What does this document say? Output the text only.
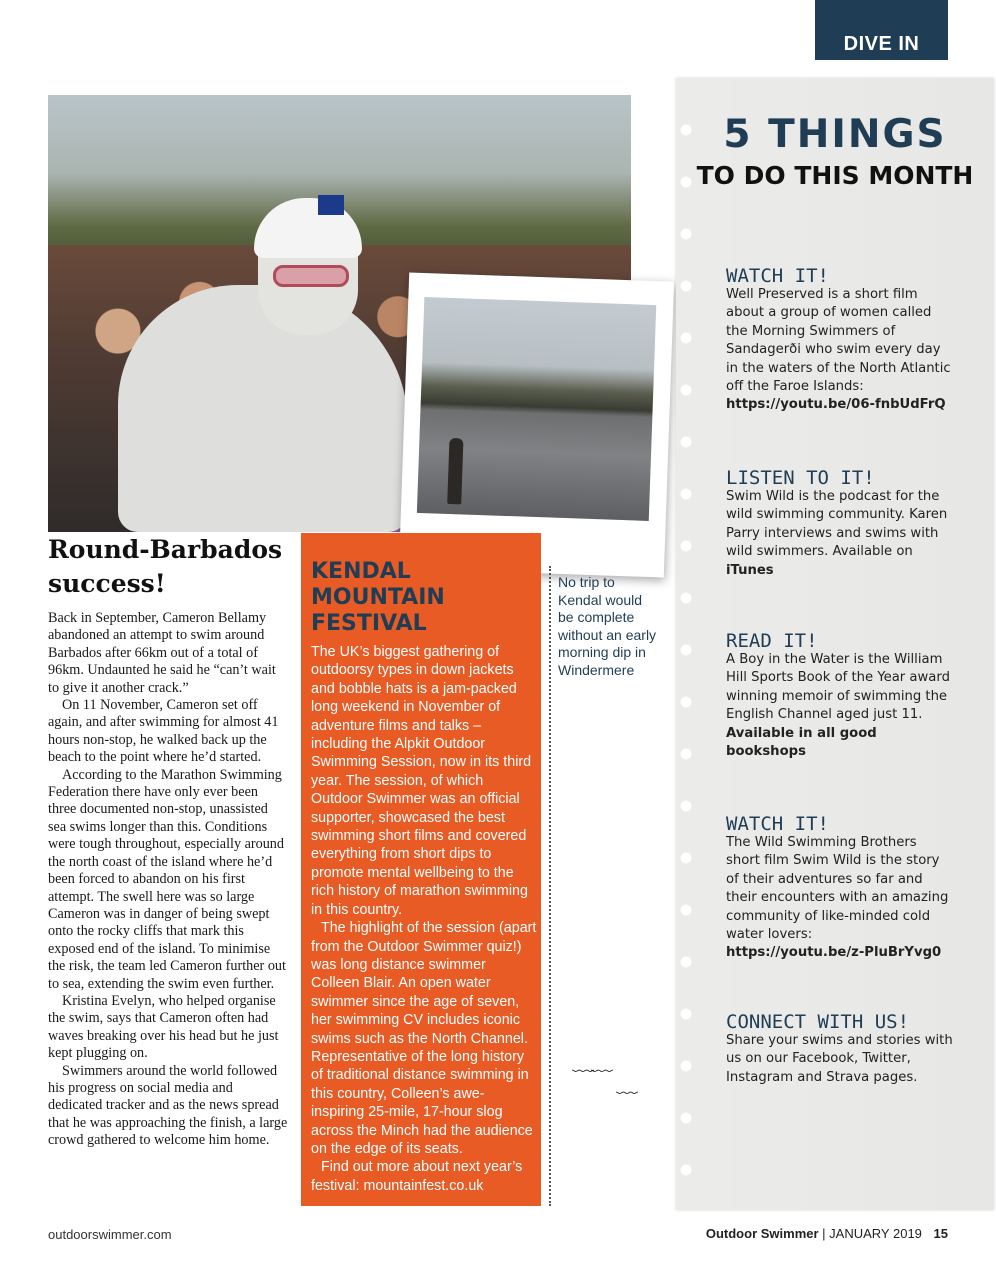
DIVE IN
Round-Barbados success!

Back in September, Cameron Bellamy abandoned an attempt to swim around Barbados after 66km out of a total of 96km. Undaunted he said he “can’t wait to give it another crack.”

On 11 November, Cameron set off again, and after swimming for almost 41 hours non-stop, he walked back up the beach to the point where he’d started.

According to the Marathon Swimming Federation there have only ever been three documented non-stop, unassisted sea swims longer than this. Conditions were tough throughout, especially around the north coast of the island where he’d been forced to abandon on his first attempt. The swell here was so large Cameron was in danger of being swept onto the rocky cliffs that mark this exposed end of the island. To minimise the risk, the team led Cameron further out to sea, extending the swim even further.

Kristina Evelyn, who helped organise the swim, says that Cameron often had waves breaking over his head but he just kept plugging on.

Swimmers around the world followed his progress on social media and dedicated tracker and as the news spread that he was approaching the finish, a large crowd gathered to welcome him home.

KENDAL MOUNTAIN FESTIVAL

The UK’s biggest gathering of outdoorsy types in down jackets and bobble hats is a jam-packed long weekend in November of adventure films and talks – including the Alpkit Outdoor Swimming Session, now in its third year. The session, of which Outdoor Swimmer was an official supporter, showcased the best swimming short films and covered everything from short dips to promote mental wellbeing to the rich history of marathon swimming in this country.

The highlight of the session (apart from the Outdoor Swimmer quiz!) was long distance swimmer Colleen Blair. An open water swimmer since the age of seven, her swimming CV includes iconic swims such as the North Channel. Representative of the long history of traditional distance swimming in this country, Colleen’s awe-inspiring 25-mile, 17-hour slog across the Minch had the audience on the edge of its seats.

Find out more about next year’s festival: mountainfest.co.uk

No trip to Kendal would be complete without an early morning dip in Windermere
﹏﹏
﹏
5 THINGS
TO DO THIS MONTH

WATCH IT!

Well Preserved is a short film about a group of women called the Morning Swimmers of Sandagerði who swim every day in the waters of the North Atlantic off the Faroe Islands: https://youtu.be/06-fnbUdFrQ

LISTEN TO IT!

Swim Wild is the podcast for the wild swimming community. Karen Parry interviews and swims with wild swimmers. Available on iTunes

READ IT!

A Boy in the Water is the William Hill Sports Book of the Year award winning memoir of swimming the English Channel aged just 11. Available in all good bookshops

WATCH IT!

The Wild Swimming Brothers short film Swim Wild is the story of their adventures so far and their encounters with an amazing community of like-minded cold water lovers: https://youtu.be/z-PluBrYvg0

CONNECT WITH US!

Share your swims and stories with us on our Facebook, Twitter, Instagram and Strava pages.

outdoorswimmer.com	Outdoor Swimmer | JANUARY 2019 15
